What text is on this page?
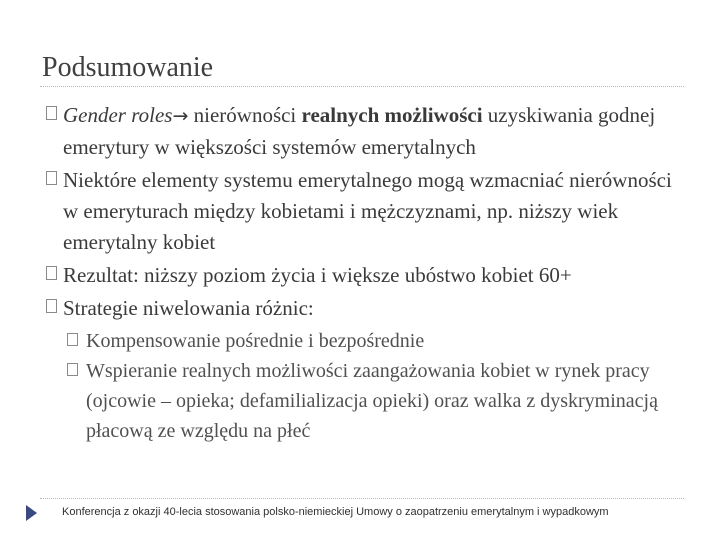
Podsumowanie
Gender roles→ nierówności realnych możliwości uzyskiwania godnej emerytury w większości systemów emerytalnych
Niektóre elementy systemu emerytalnego mogą wzmacniać nierówności w emeryturach między kobietami i mężczyznami, np. niższy wiek emerytalny kobiet
Rezultat: niższy poziom życia i większe ubóstwo kobiet 60+
Strategie niwelowania różnic:
Kompensowanie pośrednie i bezpośrednie
Wspieranie realnych możliwości zaangażowania kobiet w rynek pracy (ojcowie – opieka; defamilializacja opieki) oraz walka z dyskryminacją płacową ze względu na płeć
Konferencja z okazji 40-lecia stosowania polsko-niemieckiej Umowy o zaopatrzeniu emerytalnym i wypadkowym
